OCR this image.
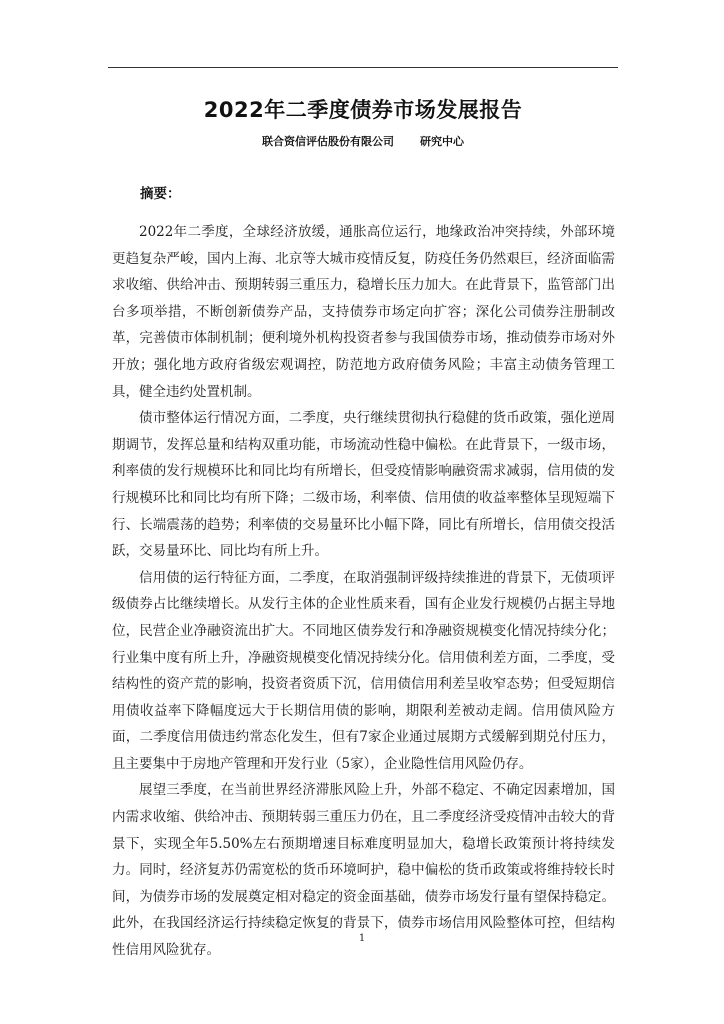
2022年二季度债券市场发展报告
联合资信评估股份有限公司 研究中心
摘要：

2022年二季度，全球经济放缓，通胀高位运行，地缘政治冲突持续，外部环境更趋复杂严峻，国内上海、北京等大城市疫情反复，防疫任务仍然艰巨，经济面临需求收缩、供给冲击、预期转弱三重压力，稳增长压力加大。在此背景下，监管部门出台多项举措，不断创新债券产品，支持债券市场定向扩容；深化公司债券注册制改革，完善债市体制机制；便利境外机构投资者参与我国债券市场，推动债券市场对外开放；强化地方政府省级宏观调控，防范地方政府债务风险；丰富主动债务管理工具，健全违约处置机制。

债市整体运行情况方面，二季度，央行继续贯彻执行稳健的货币政策，强化逆周期调节，发挥总量和结构双重功能，市场流动性稳中偏松。在此背景下，一级市场，利率债的发行规模环比和同比均有所增长，但受疫情影响融资需求减弱，信用债的发行规模环比和同比均有所下降；二级市场，利率债、信用债的收益率整体呈现短端下行、长端震荡的趋势；利率债的交易量环比小幅下降，同比有所增长，信用债交投活跃，交易量环比、同比均有所上升。

信用债的运行特征方面，二季度，在取消强制评级持续推进的背景下，无债项评级债券占比继续增长。从发行主体的企业性质来看，国有企业发行规模仍占据主导地位，民营企业净融资流出扩大。不同地区债券发行和净融资规模变化情况持续分化；行业集中度有所上升，净融资规模变化情况持续分化。信用债利差方面，二季度，受结构性的资产荒的影响，投资者资质下沉，信用债信用利差呈收窄态势；但受短期信用债收益率下降幅度远大于长期信用债的影响，期限利差被动走阔。信用债风险方面，二季度信用债违约常态化发生，但有7家企业通过展期方式缓解到期兑付压力，且主要集中于房地产管理和开发行业（5家），企业隐性信用风险仍存。

展望三季度，在当前世界经济滞胀风险上升，外部不稳定、不确定因素增加，国内需求收缩、供给冲击、预期转弱三重压力仍在，且二季度经济受疫情冲击较大的背景下，实现全年5.50%左右预期增速目标难度明显加大，稳增长政策预计将持续发力。同时，经济复苏仍需宽松的货币环境呵护，稳中偏松的货币政策或将维持较长时间，为债券市场的发展奠定相对稳定的资金面基础，债券市场发行量有望保持稳定。此外，在我国经济运行持续稳定恢复的背景下，债券市场信用风险整体可控，但结构性信用风险犹存。

1
